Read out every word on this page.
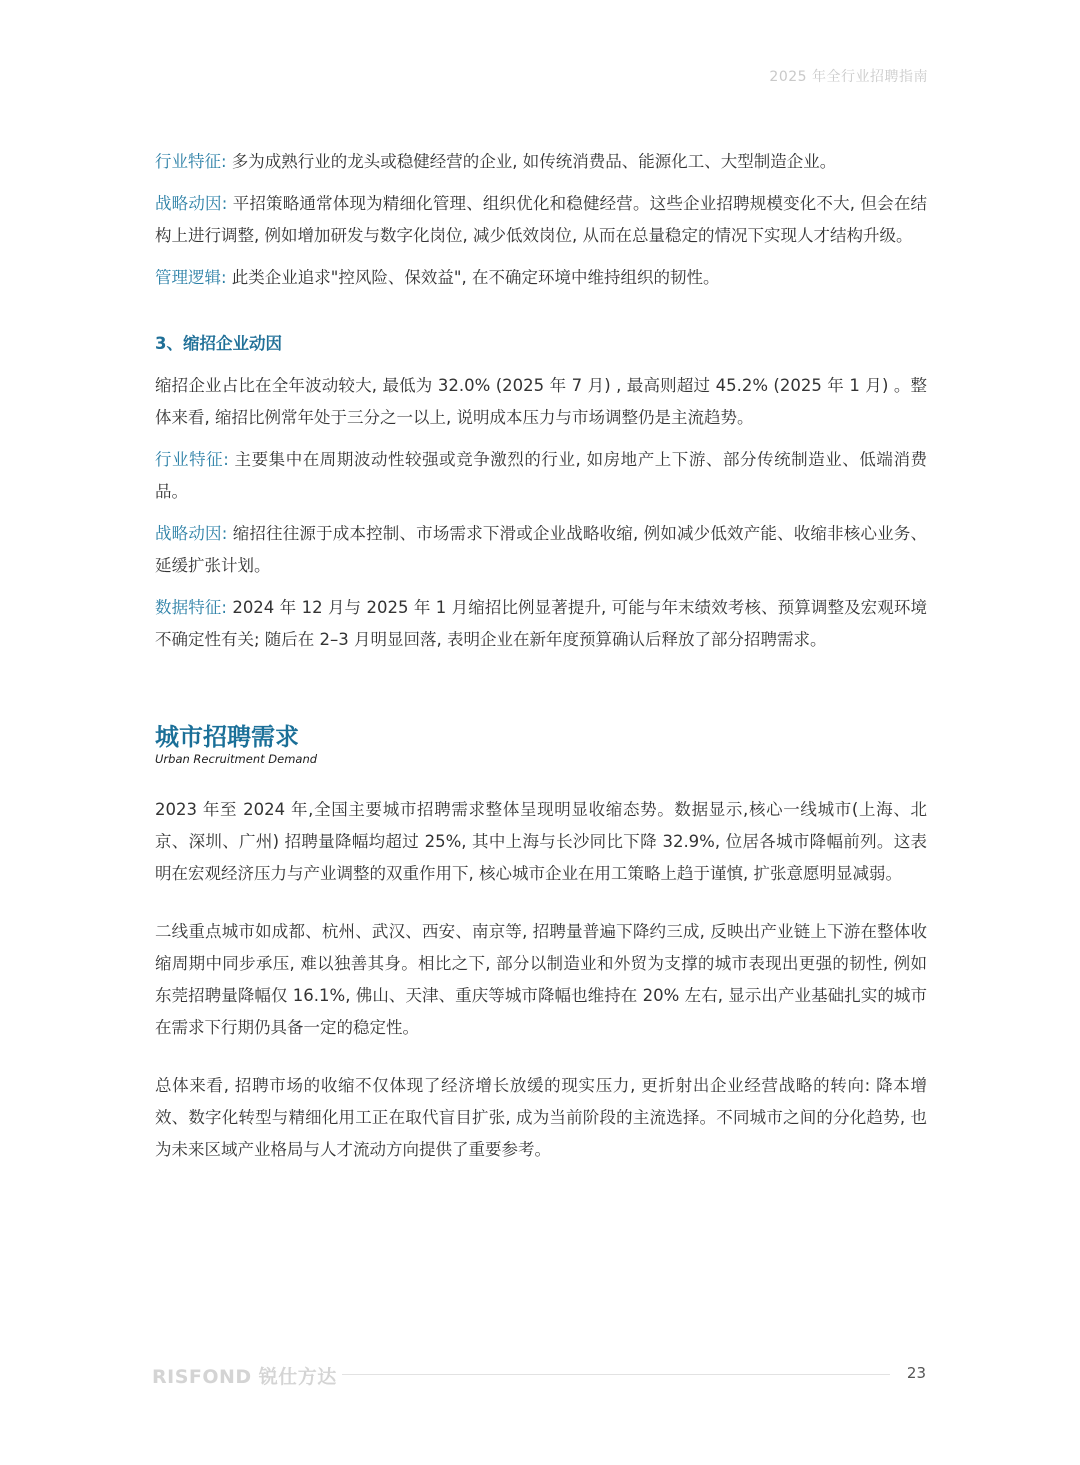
2025 年全行业招聘指南

行业特征: 多为成熟行业的龙头或稳健经营的企业, 如传统消费品、能源化工、大型制造企业。

战略动因: 平招策略通常体现为精细化管理、组织优化和稳健经营。这些企业招聘规模变化不大, 但会在结构上进行调整, 例如增加研发与数字化岗位, 减少低效岗位, 从而在总量稳定的情况下实现人才结构升级。

管理逻辑: 此类企业追求"控风险、保效益", 在不确定环境中维持组织的韧性。

3、缩招企业动因

缩招企业占比在全年波动较大, 最低为 32.0% (2025 年 7 月) , 最高则超过 45.2% (2025 年 1 月) 。整体来看, 缩招比例常年处于三分之一以上, 说明成本压力与市场调整仍是主流趋势。

行业特征: 主要集中在周期波动性较强或竞争激烈的行业, 如房地产上下游、部分传统制造业、低端消费品。

战略动因: 缩招往往源于成本控制、市场需求下滑或企业战略收缩, 例如减少低效产能、收缩非核心业务、延缓扩张计划。

数据特征: 2024 年 12 月与 2025 年 1 月缩招比例显著提升, 可能与年末绩效考核、预算调整及宏观环境不确定性有关; 随后在 2–3 月明显回落, 表明企业在新年度预算确认后释放了部分招聘需求。

城市招聘需求
Urban Recruitment Demand

2023 年至 2024 年,全国主要城市招聘需求整体呈现明显收缩态势。数据显示,核心一线城市(上海、北京、深圳、广州) 招聘量降幅均超过 25%, 其中上海与长沙同比下降 32.9%, 位居各城市降幅前列。这表明在宏观经济压力与产业调整的双重作用下, 核心城市企业在用工策略上趋于谨慎, 扩张意愿明显减弱。

二线重点城市如成都、杭州、武汉、西安、南京等, 招聘量普遍下降约三成, 反映出产业链上下游在整体收缩周期中同步承压, 难以独善其身。相比之下, 部分以制造业和外贸为支撑的城市表现出更强的韧性, 例如东莞招聘量降幅仅 16.1%, 佛山、天津、重庆等城市降幅也维持在 20% 左右, 显示出产业基础扎实的城市在需求下行期仍具备一定的稳定性。

总体来看, 招聘市场的收缩不仅体现了经济增长放缓的现实压力, 更折射出企业经营战略的转向: 降本增效、数字化转型与精细化用工正在取代盲目扩张, 成为当前阶段的主流选择。不同城市之间的分化趋势, 也为未来区域产业格局与人才流动方向提供了重要参考。

RISFOND 锐仕方达	23
